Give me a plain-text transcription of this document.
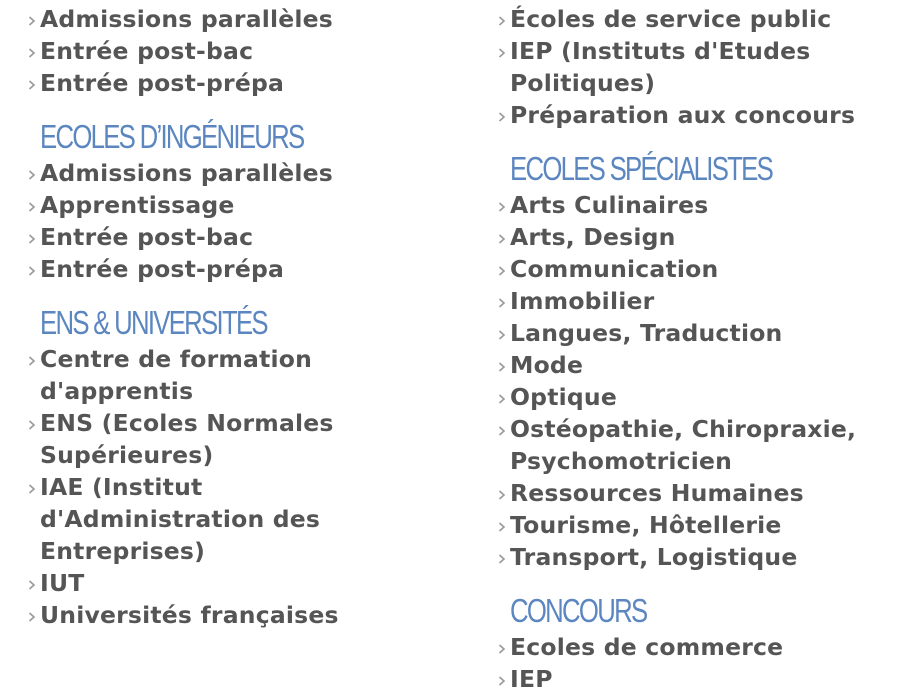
Admissions parallèles
Entrée post-bac
Entrée post-prépa
ECOLES D’INGÉNIEURS
Admissions parallèles
Apprentissage
Entrée post-bac
Entrée post-prépa
ENS & UNIVERSITÉS
Centre de formation d'apprentis
ENS (Ecoles Normales Supérieures)
IAE (Institut d'Administration des Entreprises)
IUT
Universités françaises
Écoles de service public
IEP (Instituts d'Etudes Politiques)
Préparation aux concours
ECOLES SPÉCIALISTES
Arts Culinaires
Arts, Design
Communication
Immobilier
Langues, Traduction
Mode
Optique
Ostéopathie, Chiropraxie, Psychomotricien
Ressources Humaines
Tourisme, Hôtellerie
Transport, Logistique
CONCOURS
Ecoles de commerce
IEP
